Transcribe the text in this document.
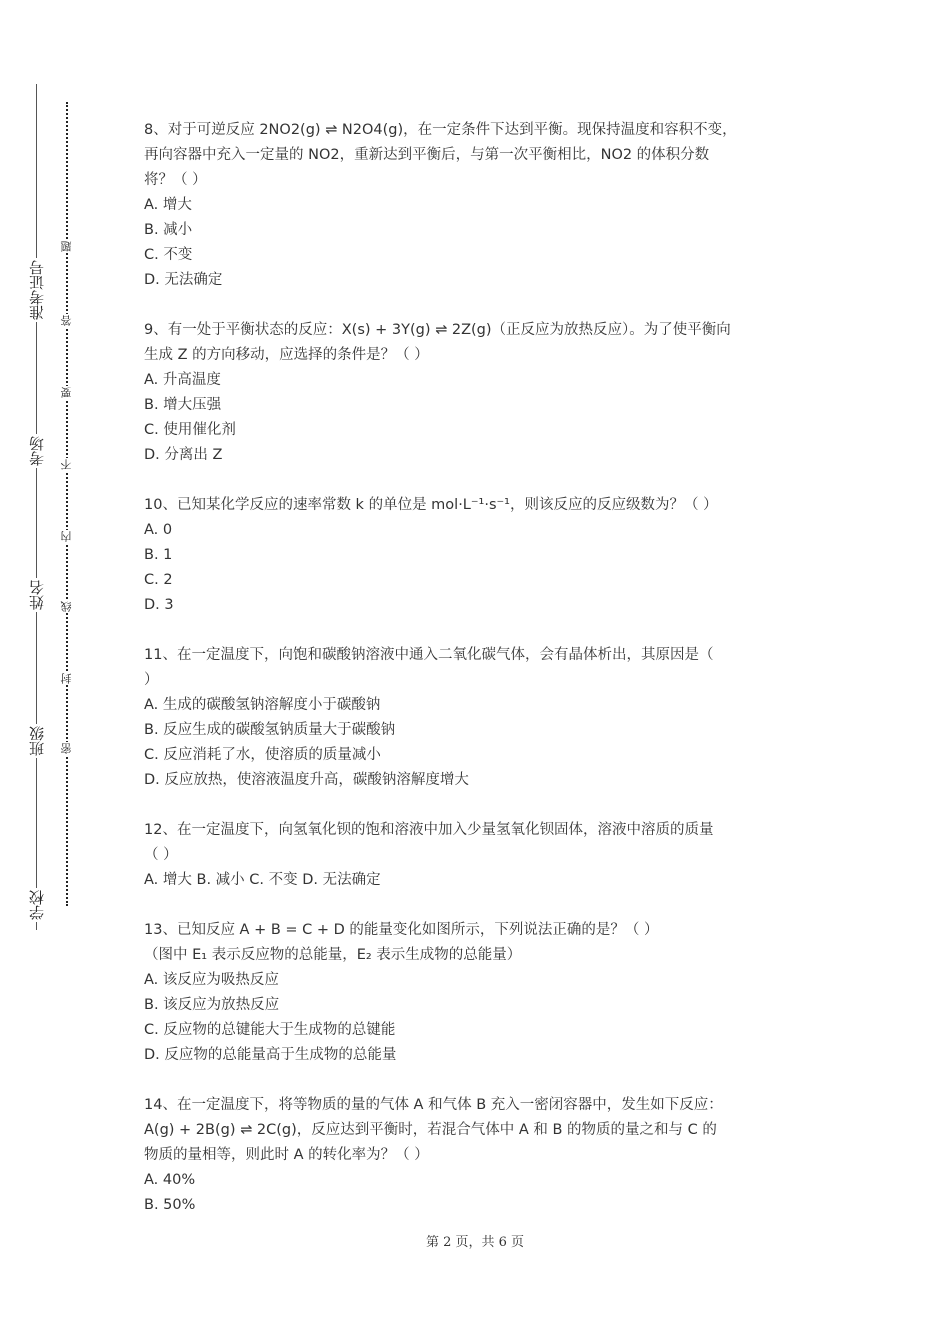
准考证号
考场
姓名
班级
学校
题
答
要
不
内
线
封
密
8、对于可逆反应 2NO2(g) ⇌ N2O4(g)，在一定条件下达到平衡。现保持温度和容积不变，
再向容器中充入一定量的 NO2，重新达到平衡后，与第一次平衡相比，NO2 的体积分数
将？（ ）
A. 增大
B. 减小
C. 不变
D. 无法确定
9、有一处于平衡状态的反应：X(s) + 3Y(g) ⇌ 2Z(g)（正反应为放热反应）。为了使平衡向
生成 Z 的方向移动，应选择的条件是？（ ）
A. 升高温度
B. 增大压强
C. 使用催化剂
D. 分离出 Z
10、已知某化学反应的速率常数 k 的单位是 mol·L⁻¹·s⁻¹，则该反应的反应级数为？（ ）
A. 0
B. 1
C. 2
D. 3
11、在一定温度下，向饱和碳酸钠溶液中通入二氧化碳气体，会有晶体析出，其原因是（
）
A. 生成的碳酸氢钠溶解度小于碳酸钠
B. 反应生成的碳酸氢钠质量大于碳酸钠
C. 反应消耗了水，使溶质的质量减小
D. 反应放热，使溶液温度升高，碳酸钠溶解度增大
12、在一定温度下，向氢氧化钡的饱和溶液中加入少量氢氧化钡固体，溶液中溶质的质量
（ ）
A. 增大 B. 减小 C. 不变 D. 无法确定
13、已知反应 A + B = C + D 的能量变化如图所示，下列说法正确的是？（ ）
（图中 E₁ 表示反应物的总能量，E₂ 表示生成物的总能量）
A. 该反应为吸热反应
B. 该反应为放热反应
C. 反应物的总键能大于生成物的总键能
D. 反应物的总能量高于生成物的总能量
14、在一定温度下，将等物质的量的气体 A 和气体 B 充入一密闭容器中，发生如下反应：
A(g) + 2B(g) ⇌ 2C(g)，反应达到平衡时，若混合气体中 A 和 B 的物质的量之和与 C 的
物质的量相等，则此时 A 的转化率为？（ ）
A. 40%
B. 50%
第 2 页，共 6 页
